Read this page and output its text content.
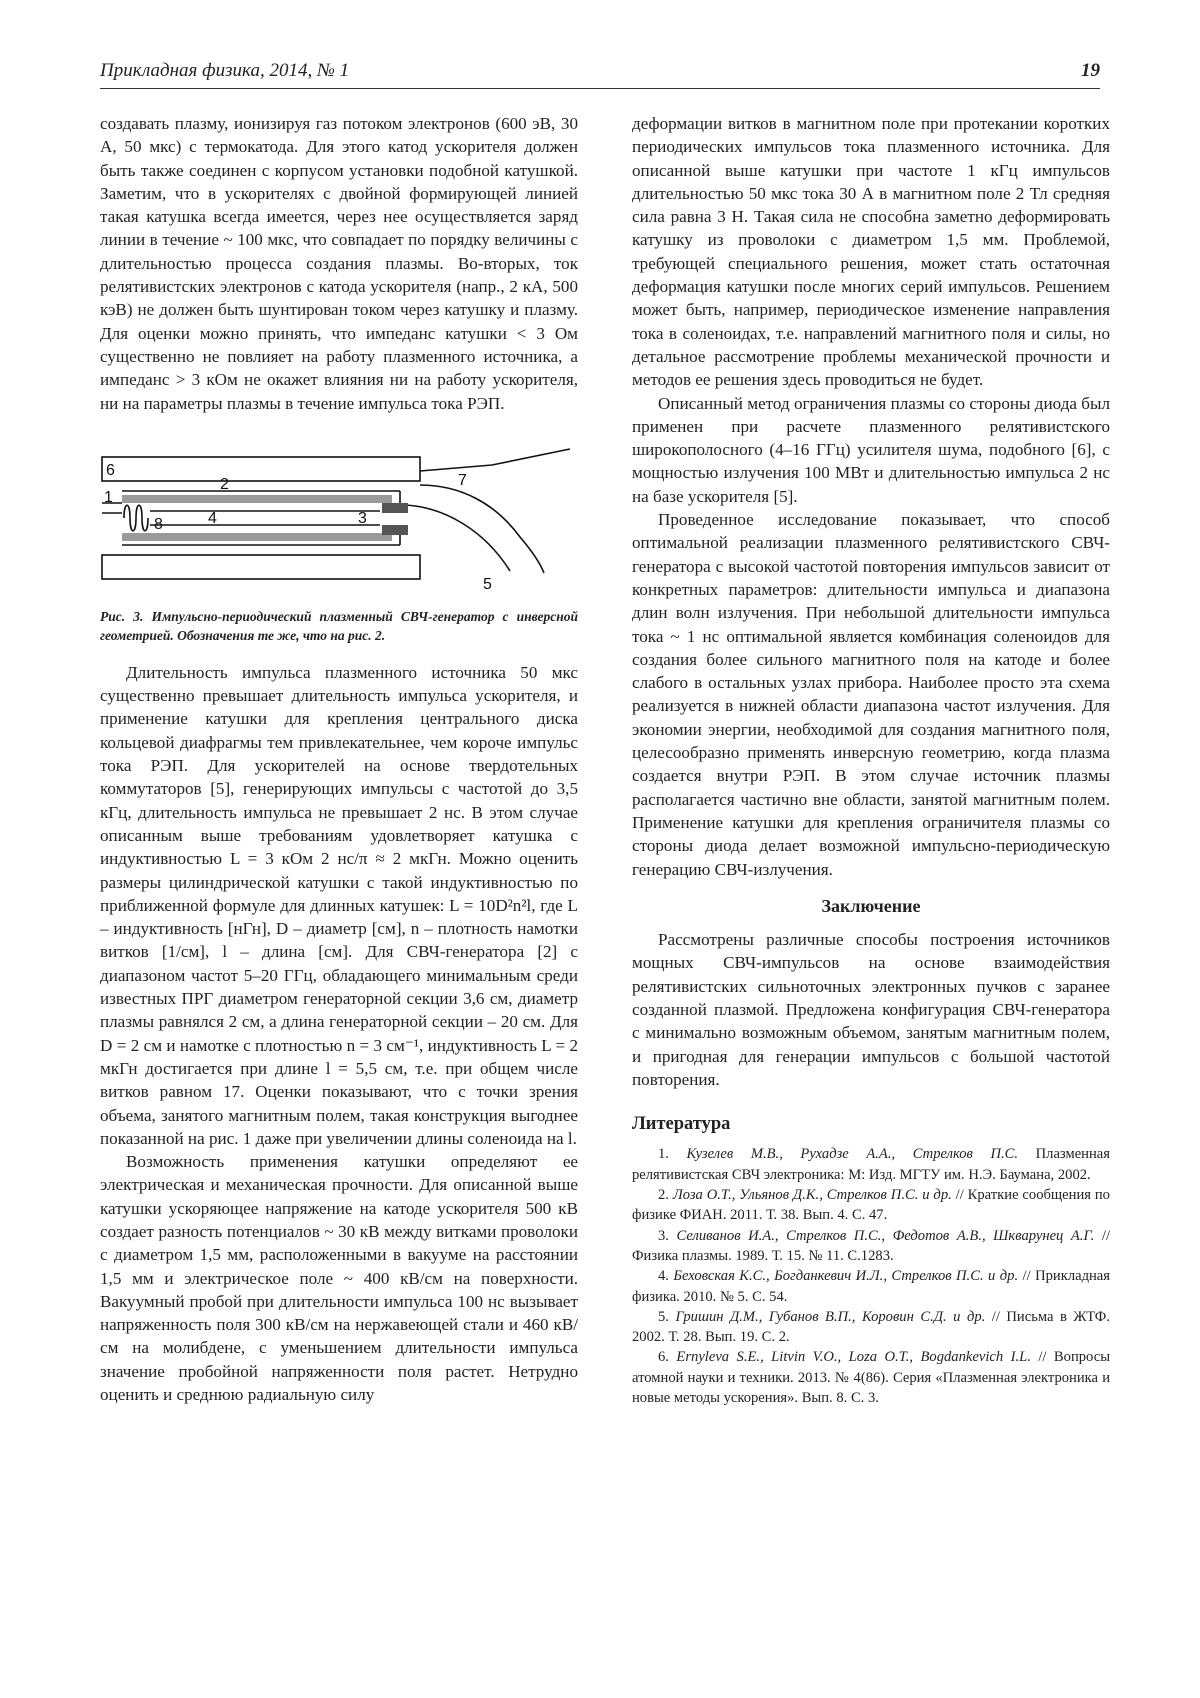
Прикладная физика, 2014, № 1	19

создавать плазму, ионизируя газ потоком электронов (600 эВ, 30 А, 50 мкс) с термокатода. Для этого катод ускорителя должен быть также соединен с корпусом установки подобной катушкой. Заметим, что в ускорителях с двойной формирующей линией такая катушка всегда имеется, через нее осуществляется заряд линии в течение ~ 100 мкс, что совпадает по порядку величины с длительностью процесса создания плазмы. Во-вторых, ток релятивистских электронов с катода ускорителя (напр., 2 кА, 500 кэВ) не должен быть шунтирован током через катушку и плазму. Для оценки можно принять, что импеданс катушки < 3 Ом существенно не повлияет на работу плазменного источника, а импеданс > 3 кОм не окажет влияния ни на работу ускорителя, ни на параметры плазмы в течение импульса тока РЭП.

6
1
2
8	4	3
7
5
Рис. 3. Импульсно-периодический плазменный СВЧ-генератор с инверсной геометрией. Обозначения те же, что на рис. 2.

Длительность импульса плазменного источника 50 мкс существенно превышает длительность импульса ускорителя, и применение катушки для крепления центрального диска кольцевой диафрагмы тем привлекательнее, чем короче импульс тока РЭП. Для ускорителей на основе твердотельных коммутаторов [5], генерирующих импульсы с частотой до 3,5 кГц, длительность импульса не превышает 2 нс. В этом случае описанным выше требованиям удовлетворяет катушка с индуктивностью L = 3 кОм 2 нс/π ≈ 2 мкГн. Можно оценить размеры цилиндрической катушки с такой индуктивностью по приближенной формуле для длинных катушек: L = 10D²n²l, где L – индуктивность [нГн], D – диаметр [см], n – плотность намотки витков [1/см], l – длина [см]. Для СВЧ-генератора [2] с диапазоном частот 5–20 ГГц, обладающего минимальным среди известных ПРГ диаметром генераторной секции 3,6 см, диаметр плазмы равнялся 2 см, а длина генераторной секции – 20 см. Для D = 2 см и намотке с плотностью n = 3 см⁻¹, индуктивность L = 2 мкГн достигается при длине l = 5,5 см, т.е. при общем числе витков равном 17. Оценки показывают, что с точки зрения объема, занятого магнитным полем, такая конструкция выгоднее показанной на рис. 1 даже при увеличении длины соленоида на l.

Возможность применения катушки определяют ее электрическая и механическая прочности. Для описанной выше катушки ускоряющее напряжение на катоде ускорителя 500 кВ создает разность потенциалов ~ 30 кВ между витками проволоки с диаметром 1,5 мм, расположенными в вакууме на расстоянии 1,5 мм и электрическое поле ~ 400 кВ/см на поверхности. Вакуумный пробой при длительности импульса 100 нс вызывает напряженность поля 300 кВ/см на нержавеющей стали и 460 кВ/см на молибдене, с уменьшением длительности импульса значение пробойной напряженности поля растет. Нетрудно оценить и среднюю радиальную силу

деформации витков в магнитном поле при протекании коротких периодических импульсов тока плазменного источника. Для описанной выше катушки при частоте 1 кГц импульсов длительностью 50 мкс тока 30 А в магнитном поле 2 Тл средняя сила равна 3 Н. Такая сила не способна заметно деформировать катушку из проволоки с диаметром 1,5 мм. Проблемой, требующей специального решения, может стать остаточная деформация катушки после многих серий импульсов. Решением может быть, например, периодическое изменение направления тока в соленоидах, т.е. направлений магнитного поля и силы, но детальное рассмотрение проблемы механической прочности и методов ее решения здесь проводиться не будет.

Описанный метод ограничения плазмы со стороны диода был применен при расчете плазменного релятивистского широкополосного (4–16 ГГц) усилителя шума, подобного [6], с мощностью излучения 100 МВт и длительностью импульса 2 нс на базе ускорителя [5].

Проведенное исследование показывает, что способ оптимальной реализации плазменного релятивистского СВЧ-генератора с высокой частотой повторения импульсов зависит от конкретных параметров: длительности импульса и диапазона длин волн излучения. При небольшой длительности импульса тока ~ 1 нс оптимальной является комбинация соленоидов для создания более сильного магнитного поля на катоде и более слабого в остальных узлах прибора. Наиболее просто эта схема реализуется в нижней области диапазона частот излучения. Для экономии энергии, необходимой для создания магнитного поля, целесообразно применять инверсную геометрию, когда плазма создается внутри РЭП. В этом случае источник плазмы располагается частично вне области, занятой магнитным полем. Применение катушки для крепления ограничителя плазмы со стороны диода делает возможной импульсно-периодическую генерацию СВЧ-излучения.

Заключение

Рассмотрены различные способы построения источников мощных СВЧ-импульсов на основе взаимодействия релятивистских сильноточных электронных пучков с заранее созданной плазмой. Предложена конфигурация СВЧ-генератора с минимально возможным объемом, занятым магнитным полем, и пригодная для генерации импульсов с большой частотой повторения.

Литература

1. Кузелев М.В., Рухадзе А.А., Стрелков П.С. Плазменная релятивистская СВЧ электроника: М: Изд. МГТУ им. Н.Э. Баумана, 2002.

2. Лоза О.Т., Ульянов Д.К., Стрелков П.С. и др. // Краткие сообщения по физике ФИАН. 2011. Т. 38. Вып. 4. С. 47.

3. Селиванов И.А., Стрелков П.С., Федотов А.В., Шкварунец А.Г. // Физика плазмы. 1989. Т. 15. № 11. С.1283.

4. Беховская К.С., Богданкевич И.Л., Стрелков П.С. и др. // Прикладная физика. 2010. № 5. С. 54.

5. Гришин Д.М., Губанов В.П., Коровин С.Д. и др. // Письма в ЖТФ. 2002. Т. 28. Вып. 19. С. 2.

6. Ernyleva S.E., Litvin V.O., Loza O.T., Bogdankevich I.L. // Вопросы атомной науки и техники. 2013. № 4(86). Серия «Плазменная электроника и новые методы ускорения». Вып. 8. С. 3.
